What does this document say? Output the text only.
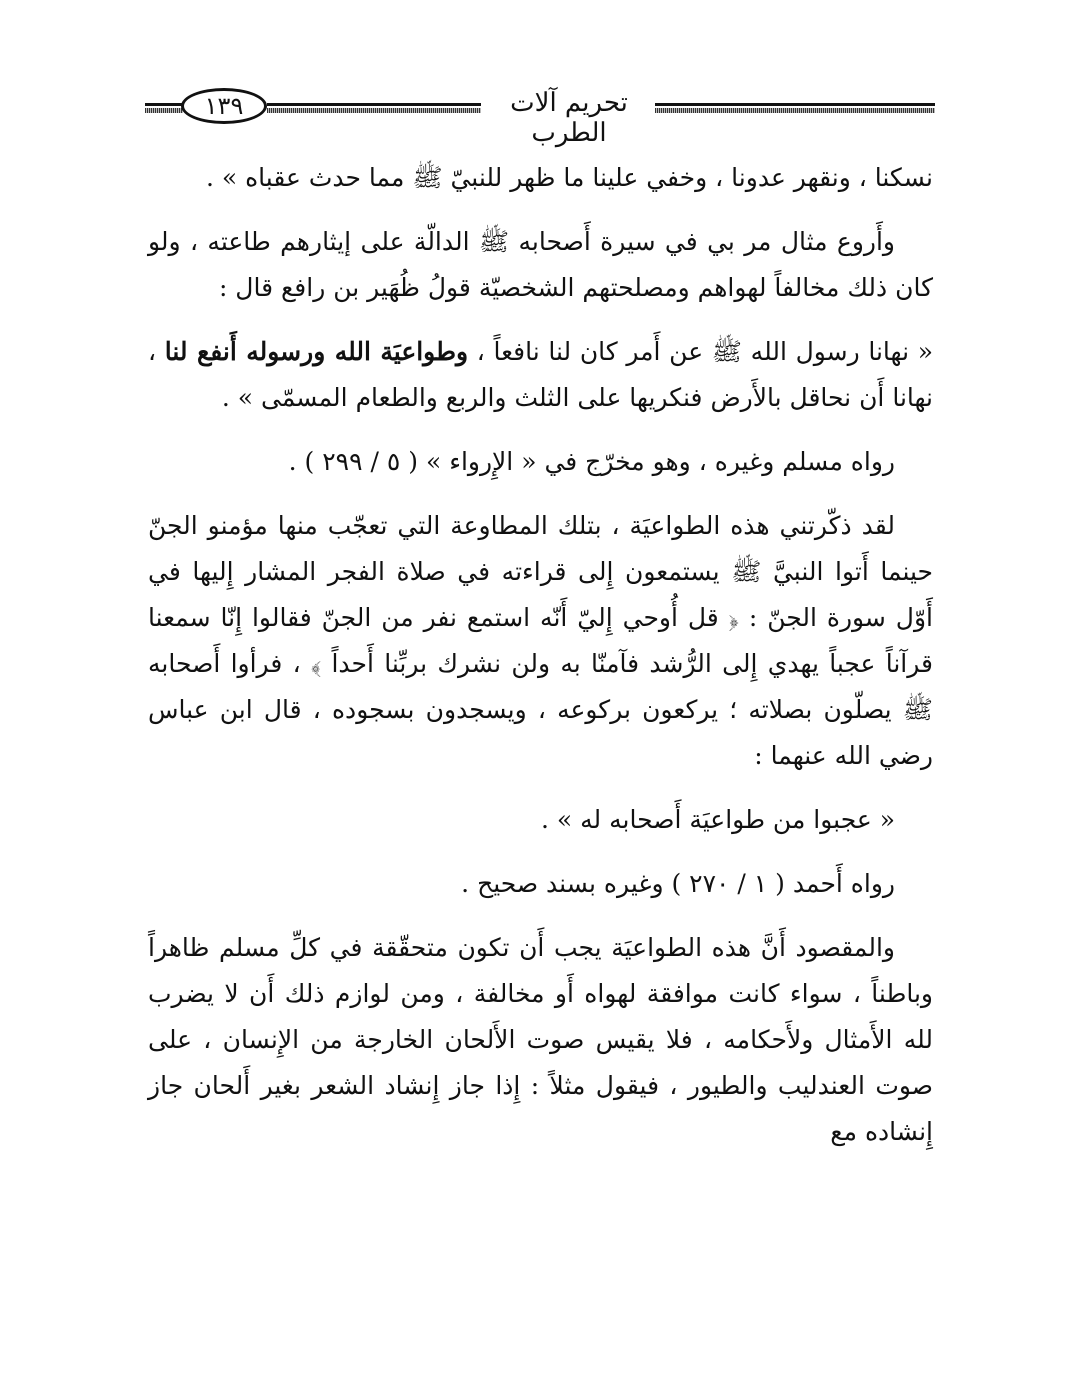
١٣٩	تحريم آلات الطرب

نسكنا ، ونقهر عدونا ، وخفي علينا ما ظهر للنبيّ ﷺ مما حدث عقباه » .

وأَروع مثال مر بي في سيرة أَصحابه ﷺ الدالّة على إيثارهم طاعته ، ولو كان ذلك مخالفاً لهواهم ومصلحتهم الشخصيّة قولُ ظُهَير بن رافع قال :

« نهانا رسول الله ﷺ عن أَمر كان لنا نافعاً ، وطواعيَة الله ورسوله أَنفع لنا ، نهانا أَن نحاقل بالأَرض فنكريها على الثلث والربع والطعام المسمّى » .

رواه مسلم وغيره ، وهو مخرّج في « الإِرواء » ( ٥ / ٢٩٩ ) .

لقد ذكّرتني هذه الطواعيَة ، بتلك المطاوعة التي تعجّب منها مؤمنو الجنّ حينما أَتوا النبيَّ ﷺ يستمعون إِلى قراءته في صلاة الفجر المشار إِليها في أَوّل سورة الجنّ : ﴿ قل أُوحي إِليّ أَنّه استمع نفر من الجنّ فقالوا إِنّا سمعنا قرآناً عجباً يهدي إِلى الرُّشد فآمنّا به ولن نشرك بربِّنا أَحداً ﴾ ، فرأوا أَصحابه ﷺ يصلّون بصلاته ؛ يركعون بركوعه ، ويسجدون بسجوده ، قال ابن عباس رضي الله عنهما :

« عجبوا من طواعيَة أَصحابه له » .

رواه أَحمد ( ١ / ٢٧٠ ) وغيره بسند صحيح .

والمقصود أَنَّ هذه الطواعيَة يجب أَن تكون متحقّقة في كلِّ مسلم ظاهراً وباطناً ، سواء كانت موافقة لهواه أَو مخالفة ، ومن لوازم ذلك أَن لا يضرب لله الأَمثال ولأَحكامه ، فلا يقيس صوت الأَلحان الخارجة من الإِنسان ، على صوت العندليب والطيور ، فيقول مثلاً : إِذا جاز إِنشاد الشعر بغير أَلحان جاز إِنشاده مع
